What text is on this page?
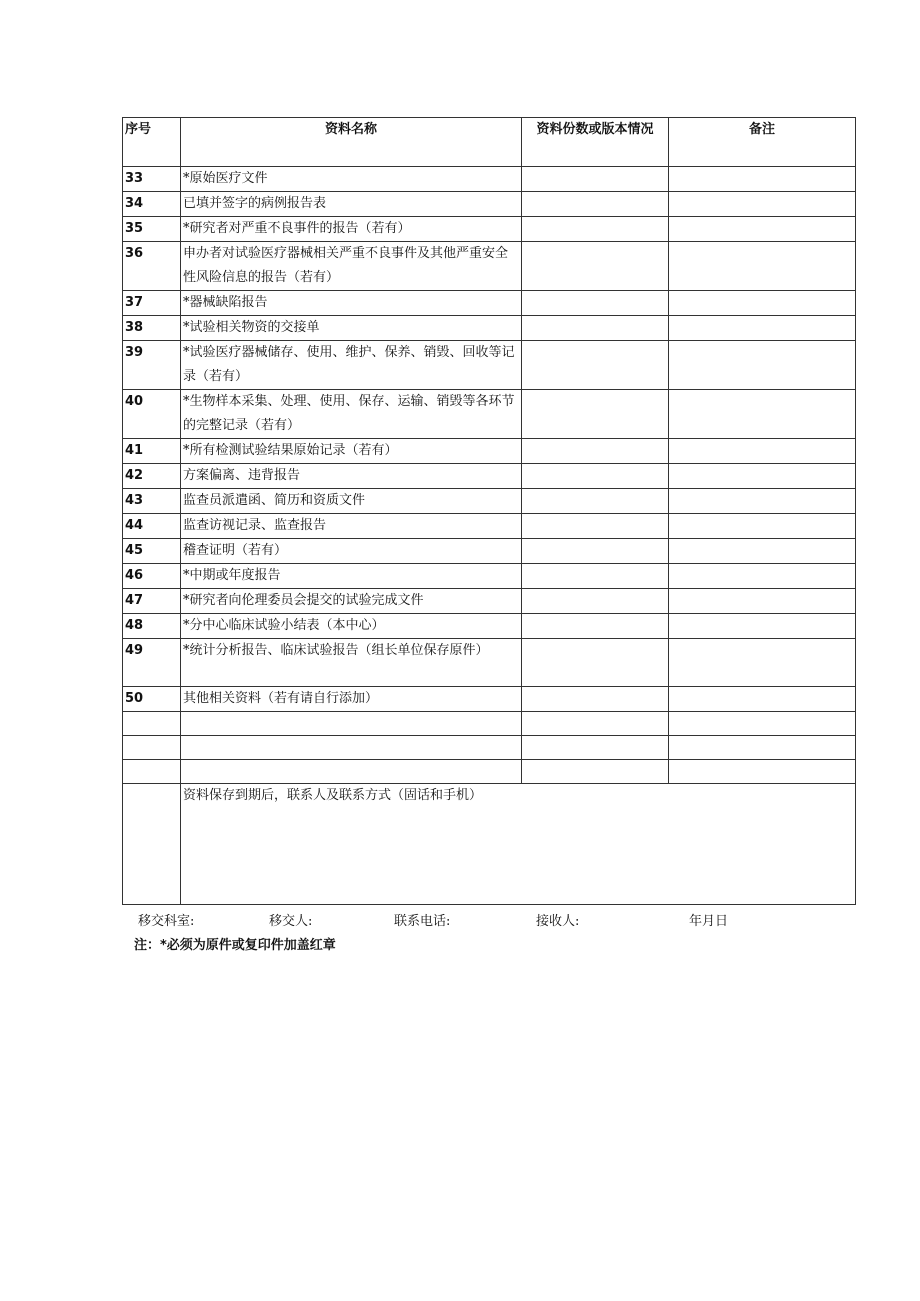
序号	资料名称	资料份数或版本情况	备注
33	*原始医疗文件		
34	已填并签字的病例报告表		
35	*研究者对严重不良事件的报告（若有）		
36	申办者对试验医疗器械相关严重不良事件及其他严重安全性风险信息的报告（若有）		
37	*器械缺陷报告		
38	*试验相关物资的交接单		
39	*试验医疗器械储存、使用、维护、保养、销毁、回收等记录（若有）		
40	*生物样本采集、处理、使用、保存、运输、销毁等各环节的完整记录（若有）		
41	*所有检测试验结果原始记录（若有）		
42	方案偏离、违背报告		
43	监查员派遣函、简历和资质文件		
44	监查访视记录、监查报告		
45	稽查证明（若有）		
46	*中期或年度报告		
47	*研究者向伦理委员会提交的试验完成文件		
48	*分中心临床试验小结表（本中心）		
49	*统计分析报告、临床试验报告（组长单位保存原件）		
50	其他相关资料（若有请自行添加）		

	资料保存到期后，联系人及联系方式（固话和手机）		
移交科室:	移交人:	联系电话:	接收人:	年月日
注：*必须为原件或复印件加盖红章
